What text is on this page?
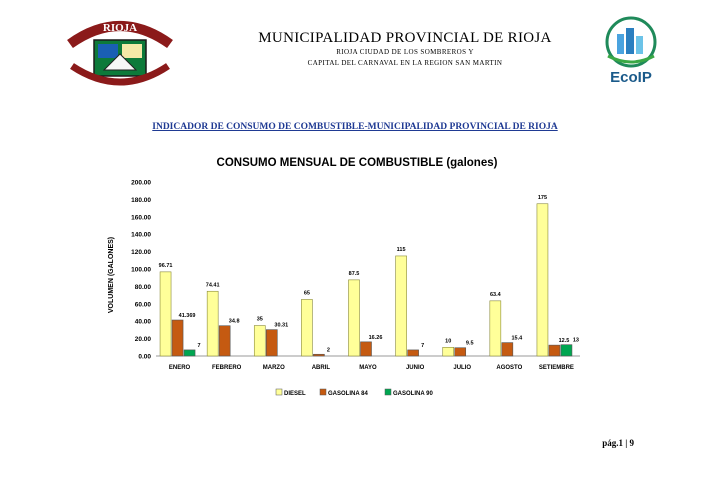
RIOJA
MUNICIPALIDAD PROVINCIAL DE RIOJA
RIOJA CIUDAD DE LOS SOMBREROS Y
CAPITAL DEL CARNAVAL EN LA REGION SAN MARTIN
EcoIP
INDICADOR DE CONSUMO DE COMBUSTIBLE-MUNICIPALIDAD PROVINCIAL DE RIOJA
CONSUMO MENSUAL DE COMBUSTIBLE (galones)
VOLUMEN (GALONES)
0.00
20.00
40.00
60.00
80.00
100.00
120.00
140.00
160.00
180.00
200.00
96.71
41.369
7
74.41
34.8	35
30.31
65
2
87.5
16.26
115
7
10	9.5
63.4
15.4
175
12.5 13
ENERO	FEBRERO	MARZO	ABRIL	MAYO	JUNIO	JULIO	AGOSTO	SETIEMBRE
DIESEL	GASOLINA 84	GASOLINA 90
pág.1 | 9
